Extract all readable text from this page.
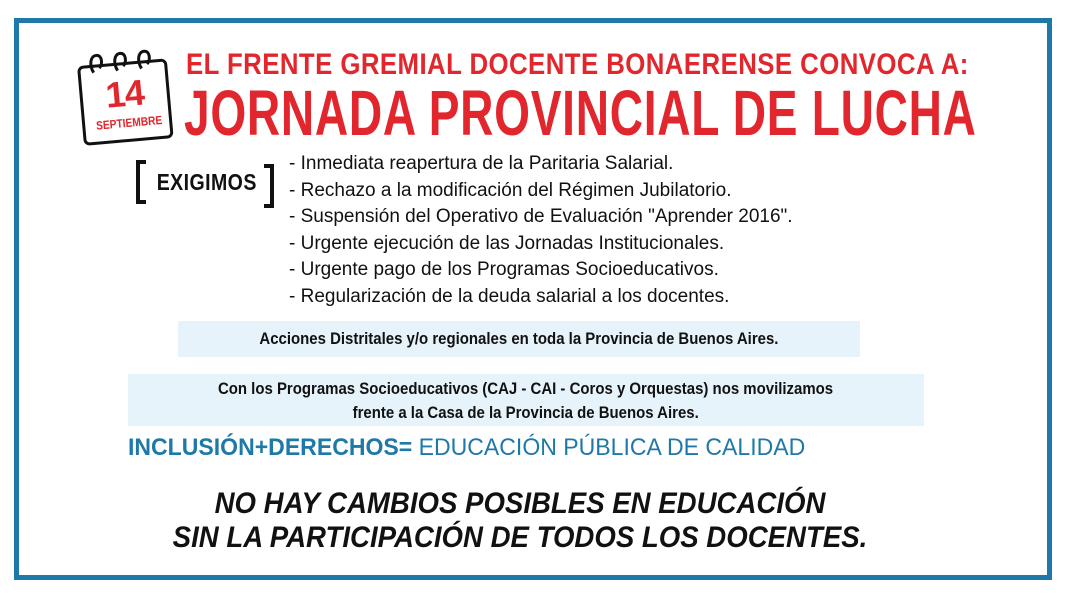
14
SEPTIEMBRE
EL FRENTE GREMIAL DOCENTE BONAERENSE CONVOCA A:
JORNADA PROVINCIAL DE LUCHA
EXIGIMOS
- Inmediata reapertura de la Paritaria Salarial.
- Rechazo a la modificación del Régimen Jubilatorio.
- Suspensión del Operativo de Evaluación "Aprender 2016".
- Urgente ejecución de las Jornadas Institucionales.
- Urgente pago de los Programas Socioeducativos.
- Regularización de la deuda salarial a los docentes.
Acciones Distritales y/o regionales en toda la Provincia de Buenos Aires.
Con los Programas Socioeducativos (CAJ - CAI - Coros y Orquestas) nos movilizamos
frente a la Casa de la Provincia de Buenos Aires.
INCLUSIÓN+DERECHOS= EDUCACIÓN PÚBLICA DE CALIDAD
NO HAY CAMBIOS POSIBLES EN EDUCACIÓN
SIN LA PARTICIPACIÓN DE TODOS LOS DOCENTES.
